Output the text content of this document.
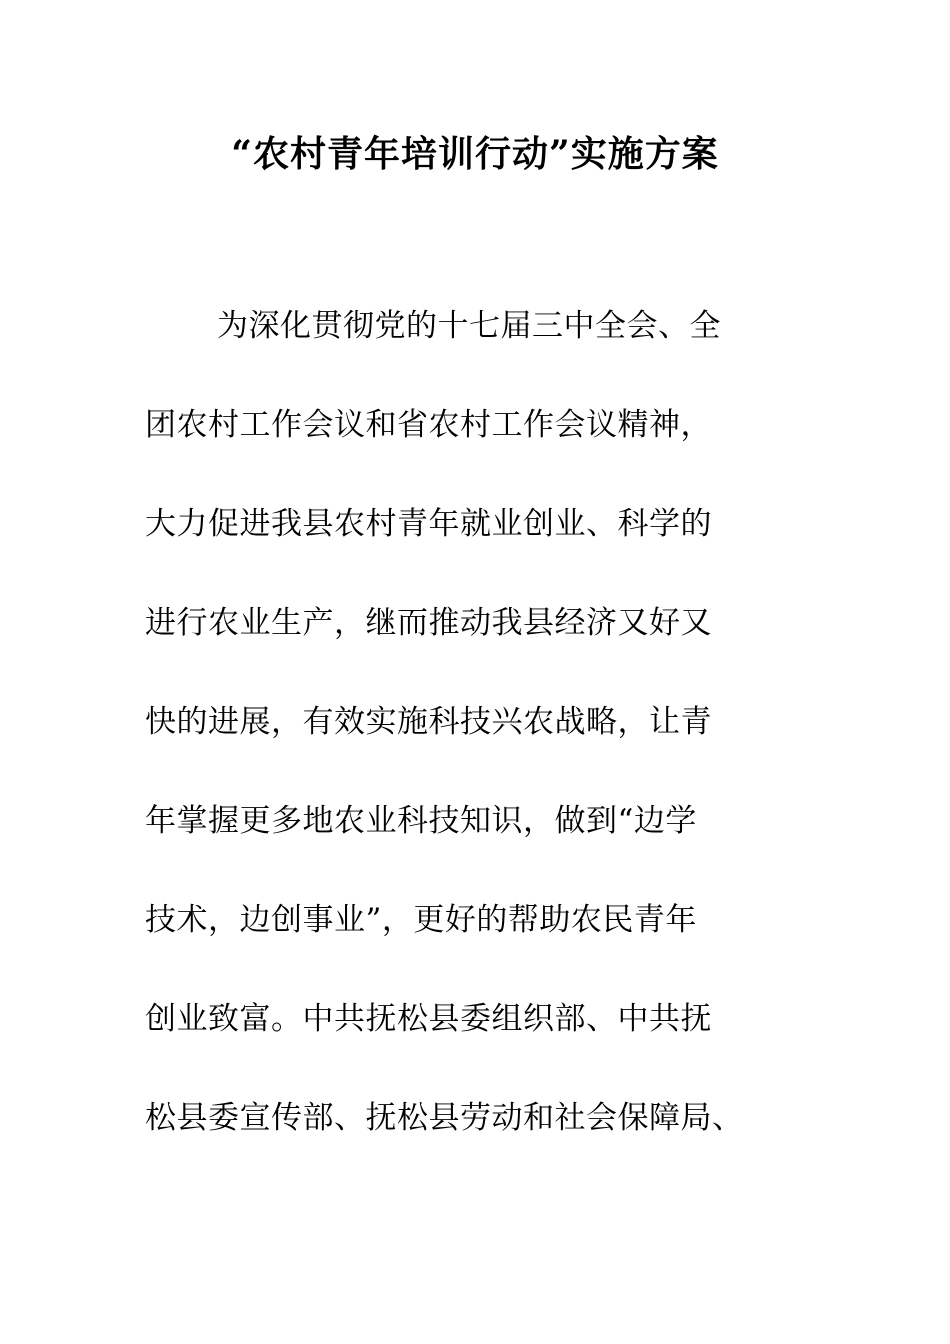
“农村青年培训行动”实施方案
为深化贯彻党的十七届三中全会、全
团农村工作会议和省农村工作会议精神，
大力促进我县农村青年就业创业、科学的
进行农业生产，继而推动我县经济又好又
快的进展，有效实施科技兴农战略，让青
年掌握更多地农业科技知识，做到“边学
技术，边创事业”，更好的帮助农民青年
创业致富。中共抚松县委组织部、中共抚
松县委宣传部、抚松县劳动和社会保障局、
